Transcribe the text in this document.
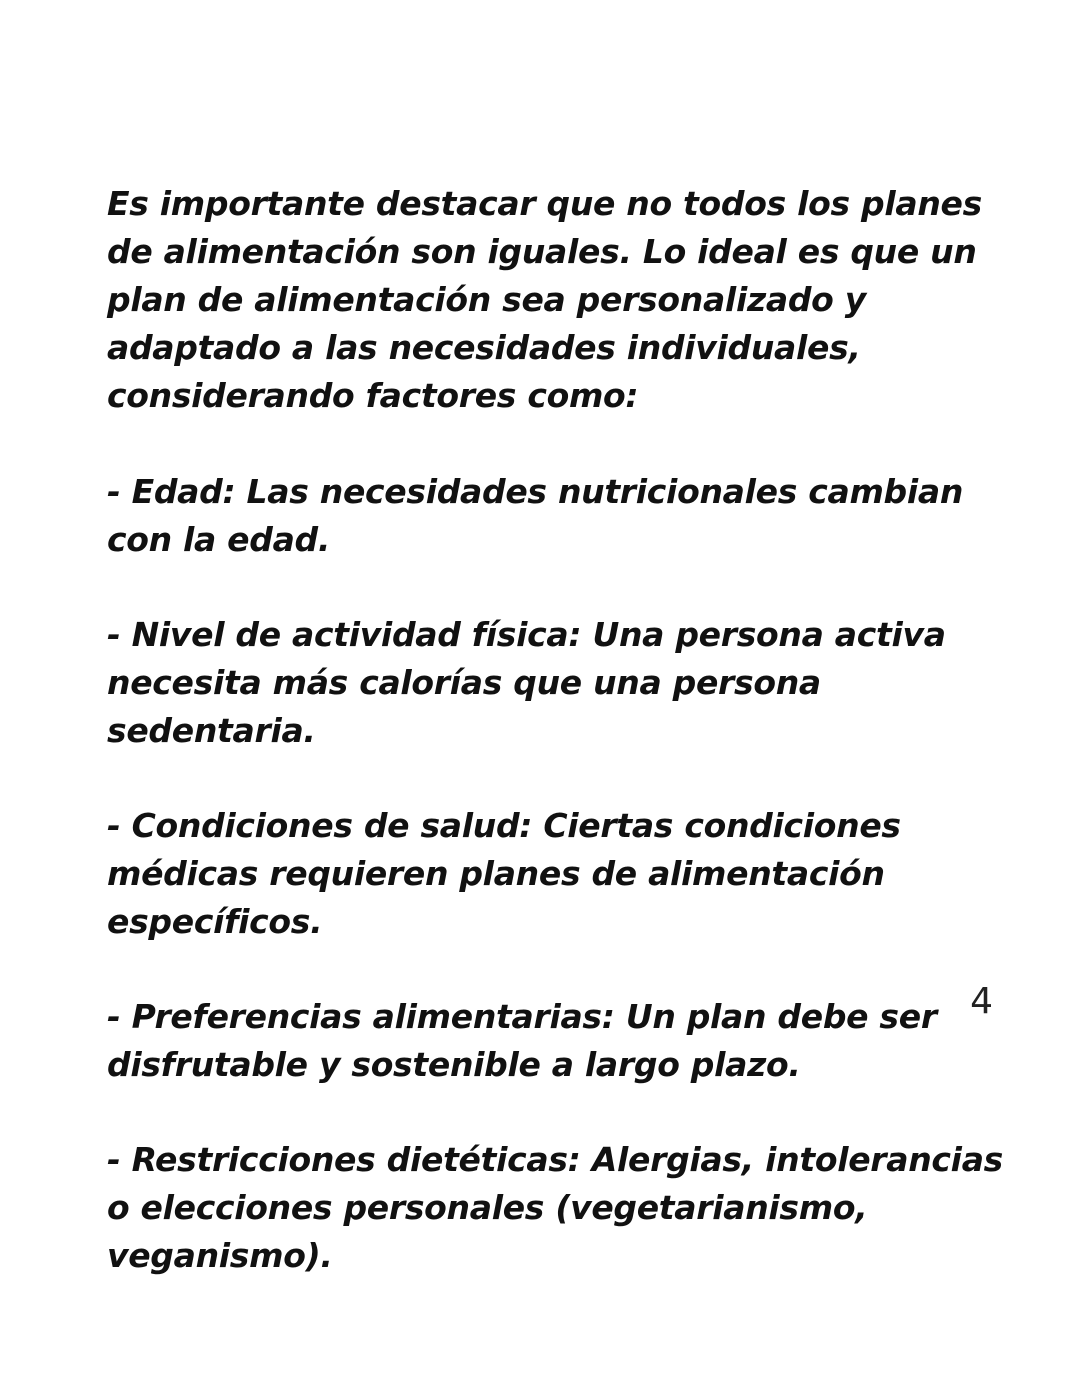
Es importante destacar que no todos los planes de alimentación son iguales. Lo ideal es que un plan de alimentación sea personalizado y adaptado a las necesidades individuales, considerando factores como:

- Edad: Las necesidades nutricionales cambian con la edad.

- Nivel de actividad física: Una persona activa necesita más calorías que una persona sedentaria.

- Condiciones de salud: Ciertas condiciones médicas requieren planes de alimentación específicos.

- Preferencias alimentarias: Un plan debe ser disfrutable y sostenible a largo plazo.

- Restricciones dietéticas: Alergias, intolerancias o elecciones personales (vegetarianismo, veganismo).

4
